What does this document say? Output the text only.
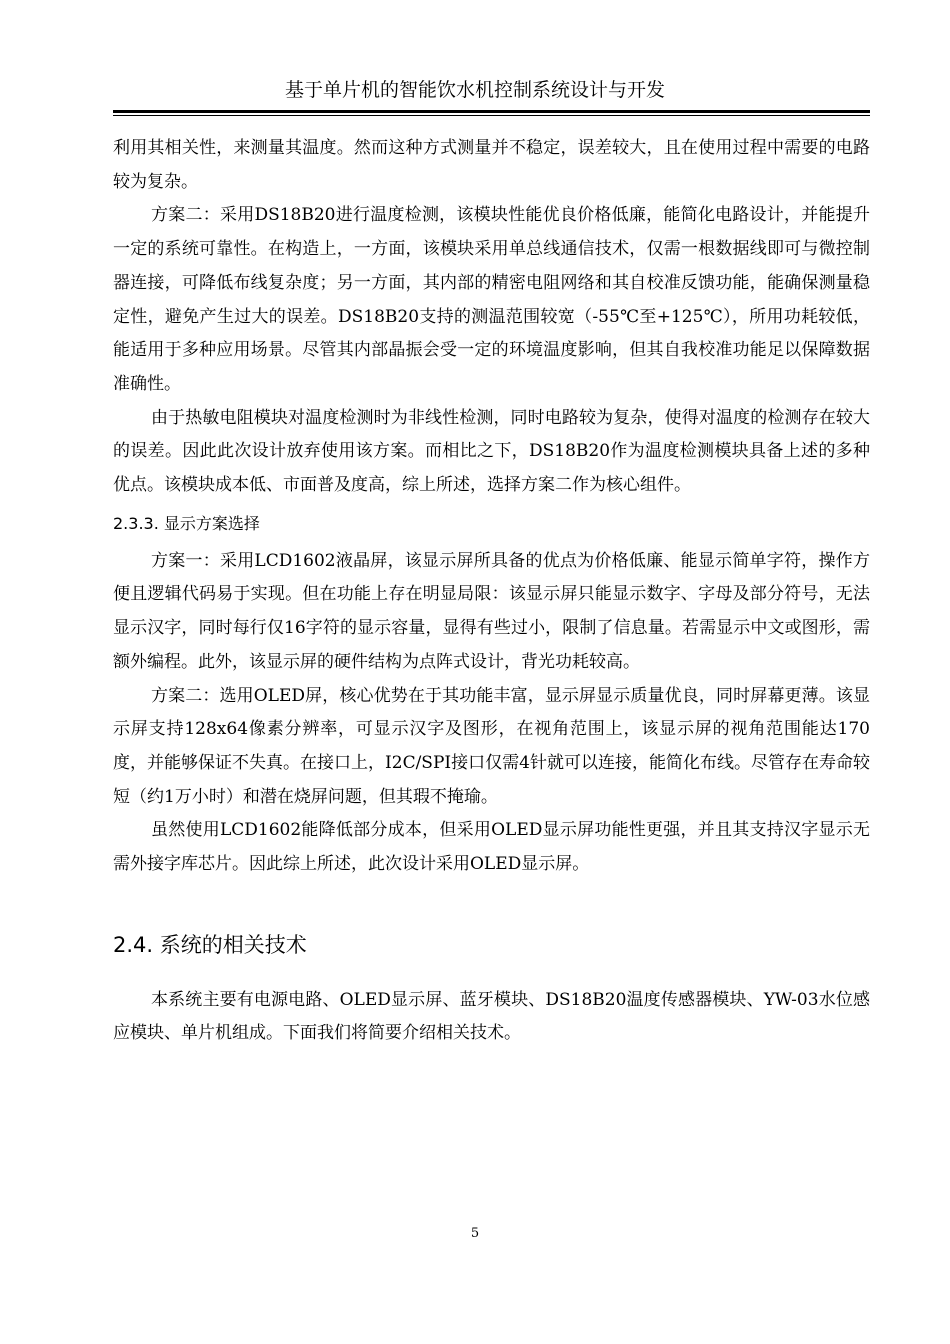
基于单片机的智能饮水机控制系统设计与开发

利用其相关性，来测量其温度。然而这种方式测量并不稳定，误差较大，且在使用过程中需要的电路较为复杂。

方案二：采用DS18B20进行温度检测，该模块性能优良价格低廉，能简化电路设计，并能提升一定的系统可靠性。在构造上，一方面，该模块采用单总线通信技术，仅需一根数据线即可与微控制器连接，可降低布线复杂度；另一方面，其内部的精密电阻网络和其自校准反馈功能，能确保测量稳定性，避免产生过大的误差。DS18B20支持的测温范围较宽（-55℃至+125℃），所用功耗较低，能适用于多种应用场景。尽管其内部晶振会受一定的环境温度影响，但其自我校准功能足以保障数据准确性。

由于热敏电阻模块对温度检测时为非线性检测，同时电路较为复杂，使得对温度的检测存在较大的误差。因此此次设计放弃使用该方案。而相比之下，DS18B20作为温度检测模块具备上述的多种优点。该模块成本低、市面普及度高，综上所述，选择方案二作为核心组件。

2.3.3. 显示方案选择

方案一：采用LCD1602液晶屏，该显示屏所具备的优点为价格低廉、能显示简单字符，操作方便且逻辑代码易于实现。但在功能上存在明显局限：该显示屏只能显示数字、字母及部分符号，无法显示汉字，同时每行仅16字符的显示容量，显得有些过小，限制了信息量。若需显示中文或图形，需额外编程。此外，该显示屏的硬件结构为点阵式设计，背光功耗较高。

方案二：选用OLED屏，核心优势在于其功能丰富，显示屏显示质量优良，同时屏幕更薄。该显示屏支持128x64像素分辨率，可显示汉字及图形，在视角范围上，该显示屏的视角范围能达170度，并能够保证不失真。在接口上，I2C/SPI接口仅需4针就可以连接，能简化布线。尽管存在寿命较短（约1万小时）和潜在烧屏问题，但其瑕不掩瑜。

虽然使用LCD1602能降低部分成本，但采用OLED显示屏功能性更强，并且其支持汉字显示无需外接字库芯片。因此综上所述，此次设计采用OLED显示屏。

2.4. 系统的相关技术

本系统主要有电源电路、OLED显示屏、蓝牙模块、DS18B20温度传感器模块、YW-03水位感应模块、单片机组成。下面我们将简要介绍相关技术。

5
